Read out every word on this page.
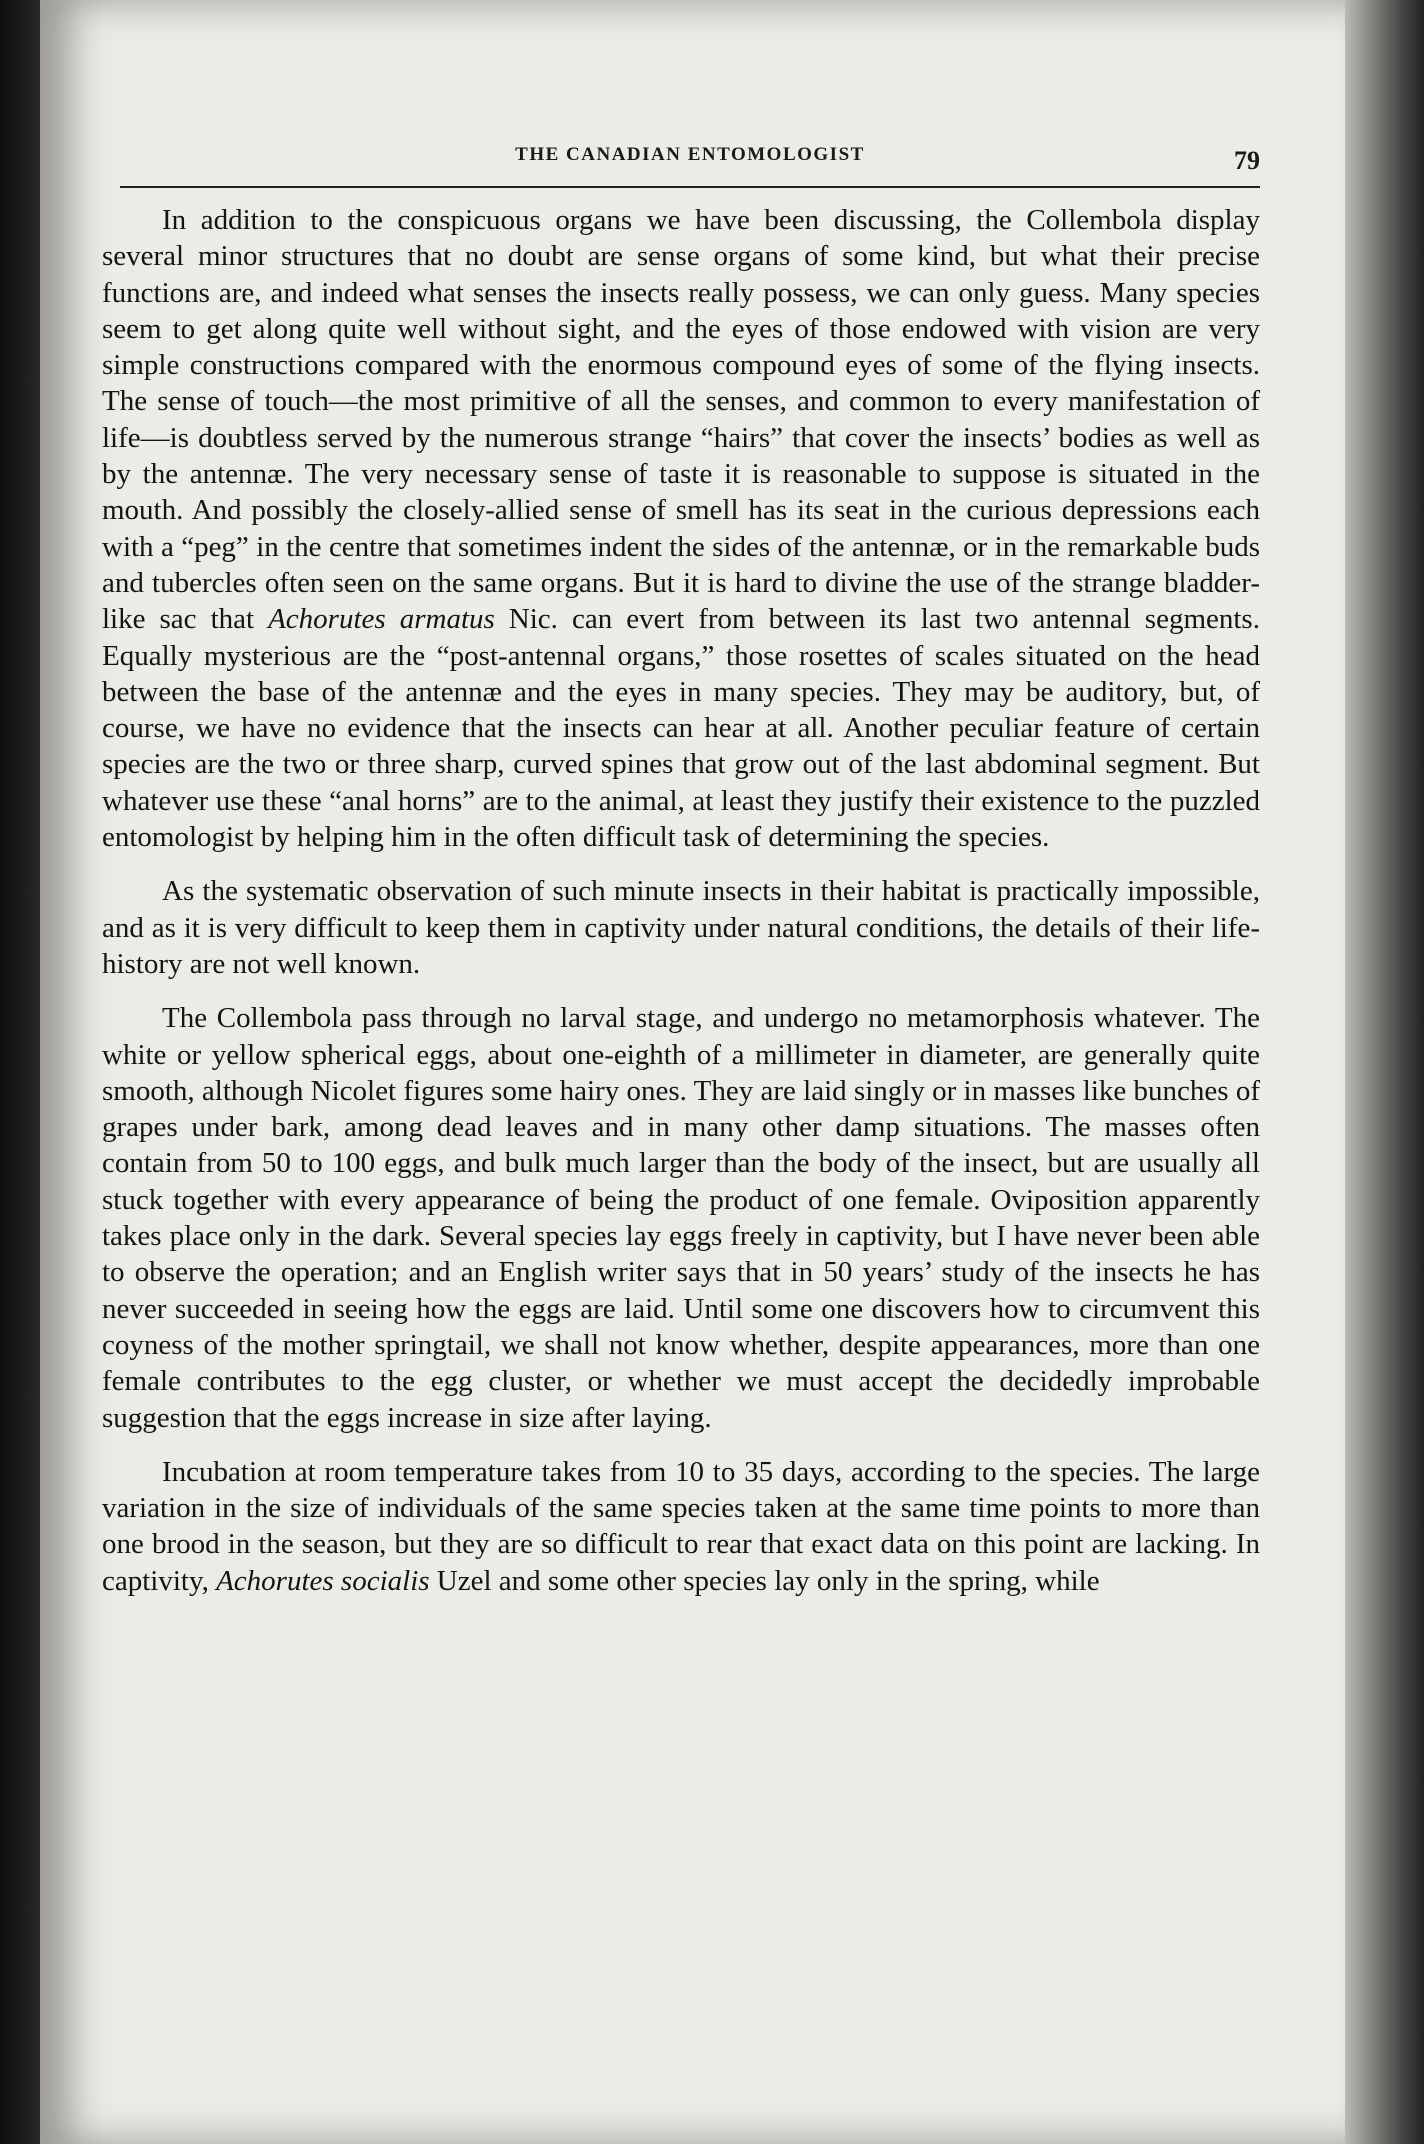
THE CANADIAN ENTOMOLOGIST	79

In addition to the conspicuous organs we have been discussing, the Collembola display several minor structures that no doubt are sense organs of some kind, but what their precise functions are, and indeed what senses the insects really possess, we can only guess. Many species seem to get along quite well without sight, and the eyes of those endowed with vision are very simple constructions compared with the enormous compound eyes of some of the flying insects. The sense of touch—the most primitive of all the senses, and common to every manifestation of life—is doubtless served by the numerous strange “hairs” that cover the insects’ bodies as well as by the antennæ. The very necessary sense of taste it is reasonable to suppose is situated in the mouth. And possibly the closely-allied sense of smell has its seat in the curious depressions each with a “peg” in the centre that sometimes indent the sides of the antennæ, or in the remarkable buds and tubercles often seen on the same organs. But it is hard to divine the use of the strange bladder-like sac that Achorutes armatus Nic. can evert from between its last two antennal segments. Equally mysterious are the “post-antennal organs,” those rosettes of scales situated on the head between the base of the antennæ and the eyes in many species. They may be auditory, but, of course, we have no evidence that the insects can hear at all. Another peculiar feature of certain species are the two or three sharp, curved spines that grow out of the last abdominal segment. But whatever use these “anal horns” are to the animal, at least they justify their existence to the puzzled entomologist by helping him in the often difficult task of determining the species.

As the systematic observation of such minute insects in their habitat is practically impossible, and as it is very difficult to keep them in captivity under natural conditions, the details of their life-history are not well known.

The Collembola pass through no larval stage, and undergo no metamorphosis whatever. The white or yellow spherical eggs, about one-eighth of a millimeter in diameter, are generally quite smooth, although Nicolet figures some hairy ones. They are laid singly or in masses like bunches of grapes under bark, among dead leaves and in many other damp situations. The masses often contain from 50 to 100 eggs, and bulk much larger than the body of the insect, but are usually all stuck together with every appearance of being the product of one female. Oviposition apparently takes place only in the dark. Several species lay eggs freely in captivity, but I have never been able to observe the operation; and an English writer says that in 50 years’ study of the insects he has never succeeded in seeing how the eggs are laid. Until some one discovers how to circumvent this coyness of the mother springtail, we shall not know whether, despite appearances, more than one female contributes to the egg cluster, or whether we must accept the decidedly improbable suggestion that the eggs increase in size after laying.

Incubation at room temperature takes from 10 to 35 days, according to the species. The large variation in the size of individuals of the same species taken at the same time points to more than one brood in the season, but they are so difficult to rear that exact data on this point are lacking. In captivity, Achorutes socialis Uzel and some other species lay only in the spring, while
